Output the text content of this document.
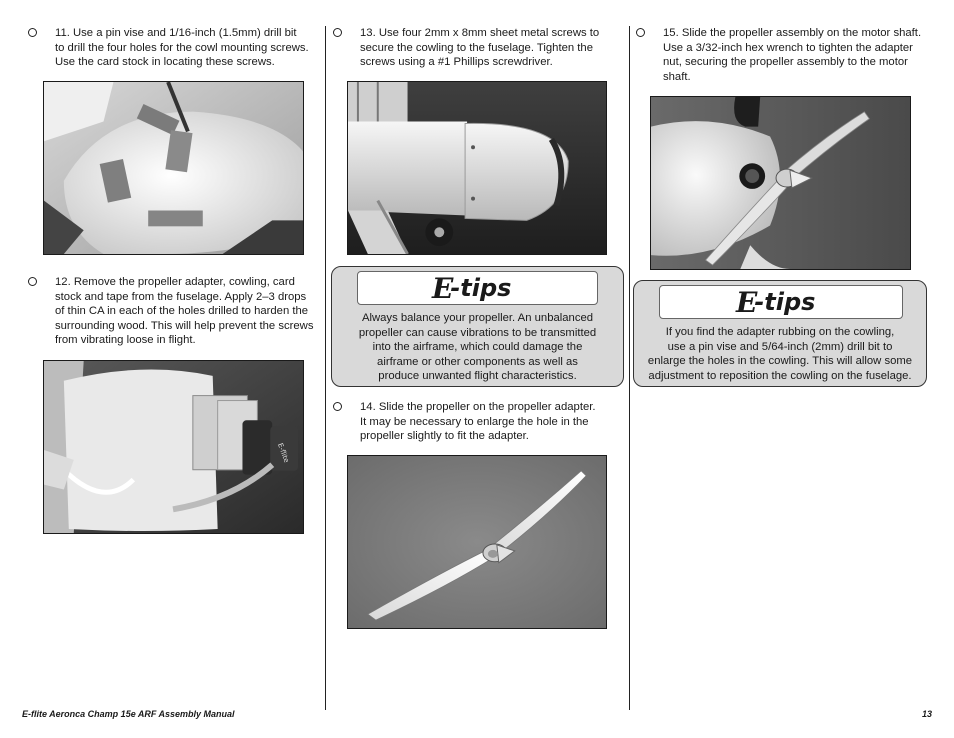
11. Use a pin vise and 1/16-inch (1.5mm) drill bit
to drill the four holes for the cowl mounting screws.
Use the card stock in locating these screws.
12. Remove the propeller adapter, cowling, card
stock and tape from the fuselage. Apply 2–3 drops
of thin CA in each of the holes drilled to harden the
surrounding wood. This will help prevent the screws
from vibrating loose in flight.
E-flite
13. Use four 2mm x 8mm sheet metal screws to
secure the cowling to the fuselage. Tighten the
screws using a #1 Phillips screwdriver.
E
-tips
Always balance your propeller. An unbalanced
propeller can cause vibrations to be transmitted
into the airframe, which could damage the
airframe or other components as well as
produce unwanted flight characteristics.
14. Slide the propeller on the propeller adapter.
It may be necessary to enlarge the hole in the
propeller slightly to fit the adapter.
15. Slide the propeller assembly on the motor shaft.
Use a 3/32-inch hex wrench to tighten the adapter
nut, securing the propeller assembly to the motor
shaft.
E
-tips
If you find the adapter rubbing on the cowling,
use a pin vise and 5/64-inch (2mm) drill bit to
enlarge the holes in the cowling. This will allow some
adjustment to reposition the cowling on the fuselage.
E-flite Aeronca Champ 15e ARF Assembly Manual	13
